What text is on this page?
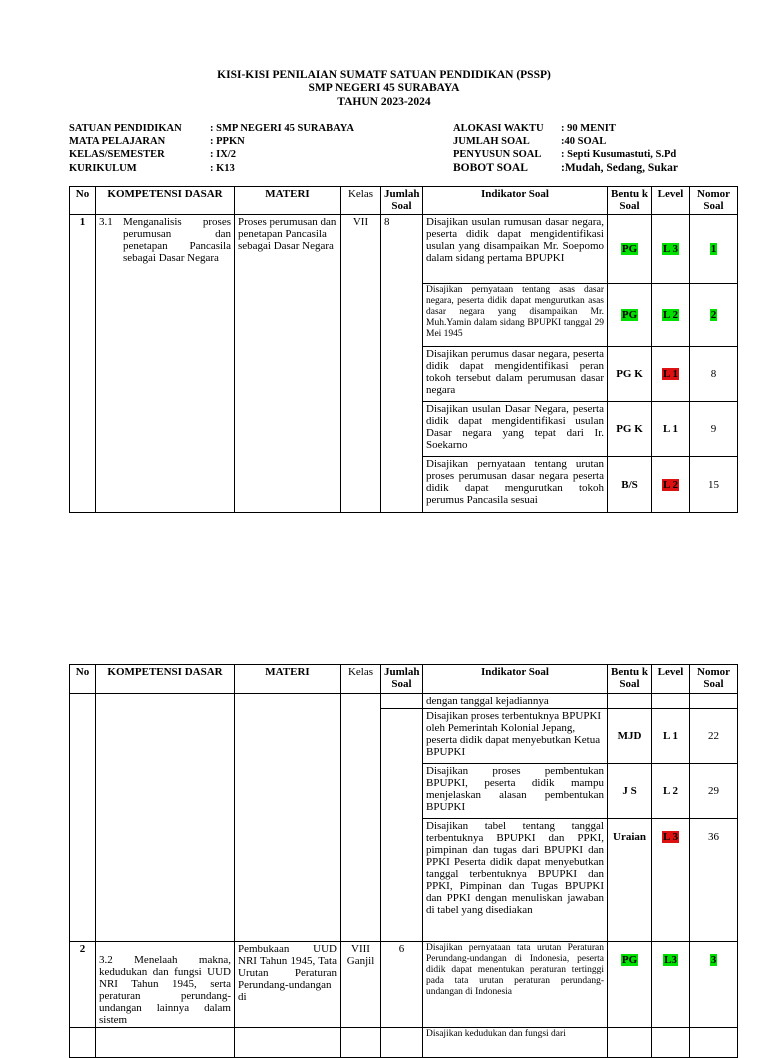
KISI-KISI PENILAIAN SUMATF SATUAN PENDIDIKAN (PSSP)
SMP NEGERI 45 SURABAYA
TAHUN 2023-2024
SATUAN PENDIDIKAN	: SMP NEGERI 45 SURABAYA
MATA PELAJARAN	: PPKN
KELAS/SEMESTER	: IX/2
KURIKULUM	: K13
ALOKASI WAKTU : 90 MENIT
JUMLAH SOAL	:40 SOAL
PENYUSUN SOAL : Septi Kusumastuti, S.Pd
BOBOT SOAL	:Mudah, Sedang, Sukar
No	KOMPETENSI DASAR	MATERI	Kelas	Jumlah Soal	Indikator Soal	Bentu k Soal	Level	Nomor Soal
1	3.1 Menganalisis proses perumusan dan penetapan Pancasila sebagai Dasar Negara	Proses perumusan dan penetapan Pancasila sebagai Dasar Negara	VII	8	Disajikan usulan rumusan dasar negara, peserta didik dapat mengidentifikasi usulan yang disampaikan Mr. Soepomo dalam sidang pertama BPUPKI	PG	L 3	1
					Disajikan pernyataan tentang asas dasar negara, peserta didik dapat mengurutkan asas dasar negara yang disampaikan Mr. Muh.Yamin dalam sidang BPUPKI tanggal 29 Mei 1945	PG	L 2	2
					Disajikan perumus dasar negara, peserta didik dapat mengidentifikasi peran tokoh tersebut dalam perumusan dasar negara	PG K	L 1	8
					Disajikan usulan Dasar Negara, peserta didik dapat mengidentifikasi usulan Dasar negara yang tepat dari Ir. Soekarno	PG K	L 1	9
					Disajikan pernyataan tentang urutan proses perumusan dasar negara peserta didik dapat mengurutkan tokoh perumus Pancasila sesuai	B/S	L 2	15
No	KOMPETENSI DASAR	MATERI	Kelas	Jumlah Soal	Indikator Soal	Bentu k Soal	Level	Nomor Soal
					dengan tanggal kejadiannya			
					Disajikan proses terbentuknya BPUPKI oleh Pemerintah Kolonial Jepang, peserta didik dapat menyebutkan Ketua BPUPKI	MJD	L 1	22
					Disajikan proses pembentukan BPUPKI, peserta didik mampu menjelaskan alasan pembentukan BPUPKI	J S	L 2	29
					Disajikan tabel tentang tanggal terbentuknya BPUPKI dan PPKI, pimpinan dan tugas dari BPUPKI dan PPKI Peserta didik dapat menyebutkan tanggal terbentuknya BPUPKI dan PPKI, Pimpinan dan Tugas BPUPKI dan PPKI dengan menuliskan jawaban di tabel yang disediakan	Uraian	L 3	36
2	3.2 Menelaah makna, kedudukan dan fungsi UUD NRI Tahun 1945, serta peraturan perundang-undangan lainnya dalam sistem	Pembukaan UUD NRI Tahun 1945, Tata Urutan Peraturan Perundang-undangan di	VIII Ganjil	6	Disajikan pernyataan tata urutan Peraturan Perundang-undangan di Indonesia, peserta didik dapat menentukan peraturan tertinggi pada tata urutan peraturan perundang-undangan di Indonesia	PG	L3	3
					Disajikan kedudukan dan fungsi dari			
